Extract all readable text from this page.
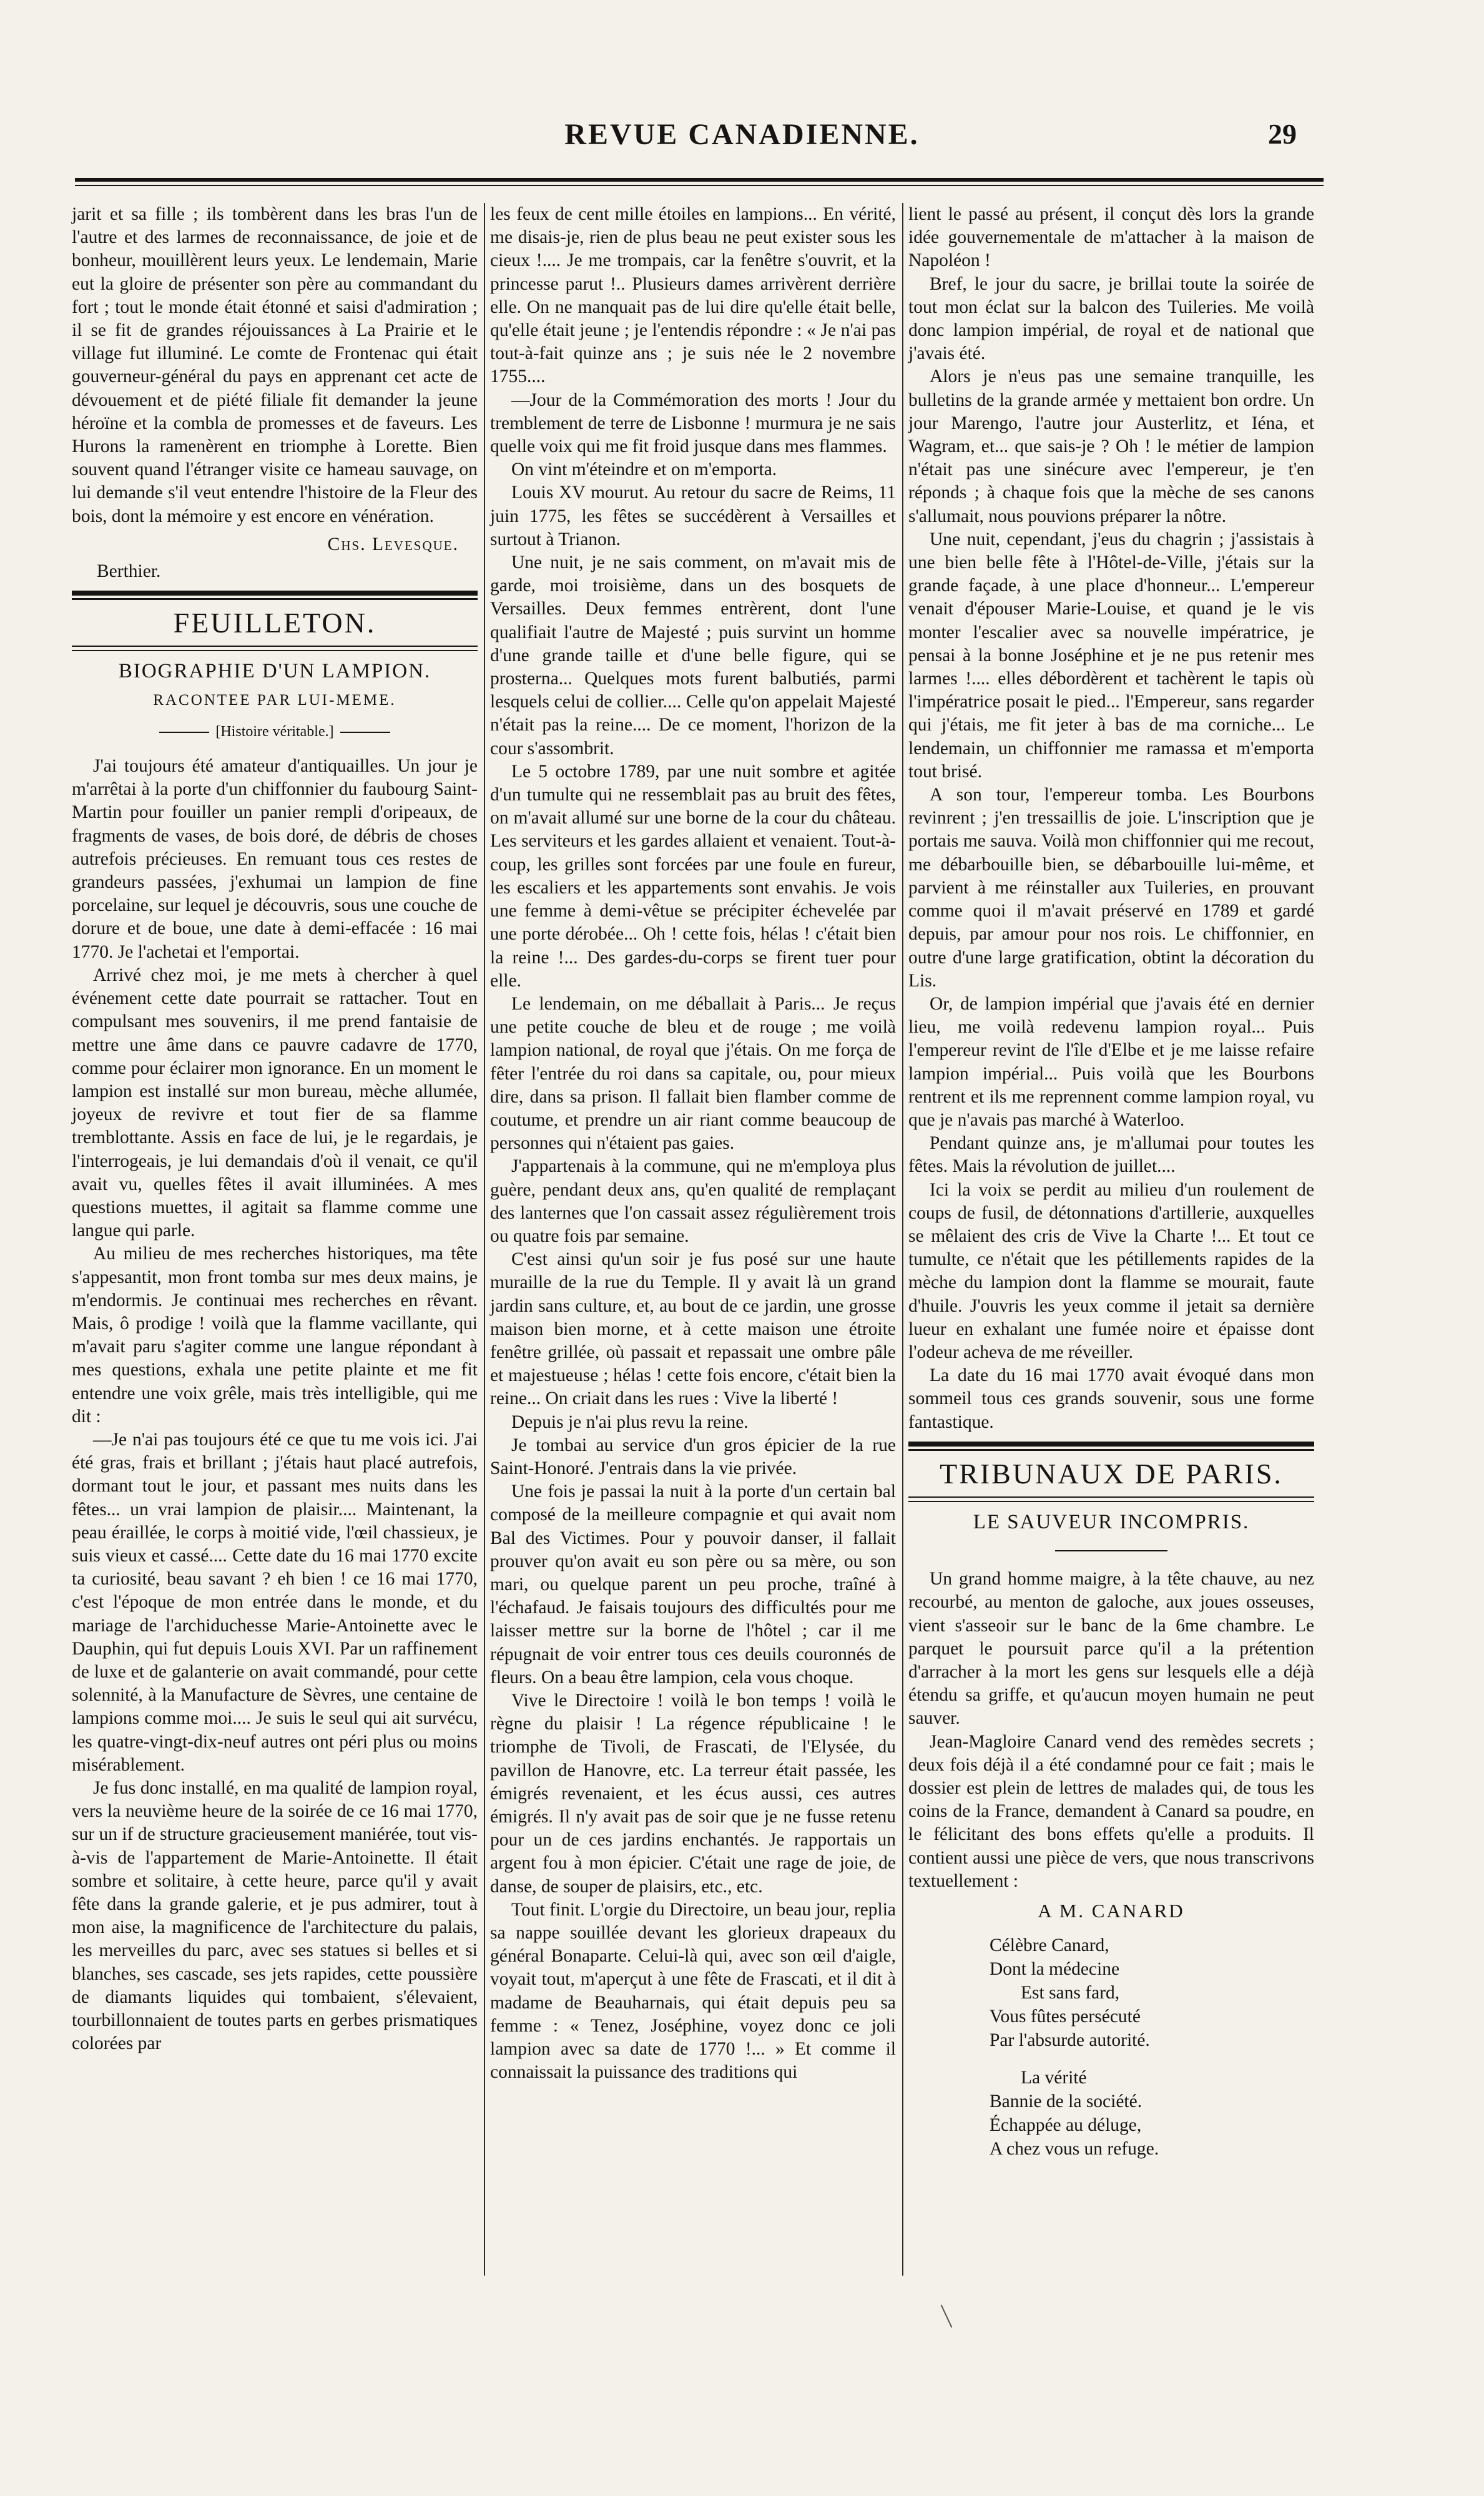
REVUE CANADIENNE.	29

jarit et sa fille ; ils tombèrent dans les bras l'un de l'autre et des larmes de reconnaissance, de joie et de bonheur, mouillèrent leurs yeux. Le lendemain, Marie eut la gloire de présenter son père au commandant du fort ; tout le monde était étonné et saisi d'admiration ; il se fit de grandes réjouissances à La Prairie et le village fut illuminé. Le comte de Frontenac qui était gouverneur-général du pays en apprenant cet acte de dévouement et de piété filiale fit demander la jeune héroïne et la combla de promesses et de faveurs. Les Hurons la ramenèrent en triomphe à Lorette. Bien souvent quand l'étranger visite ce hameau sauvage, on lui demande s'il veut entendre l'histoire de la Fleur des bois, dont la mémoire y est encore en vénération.

Chs. Levesque.
Berthier.
FEUILLETON.
BIOGRAPHIE D'UN LAMPION.
RACONTEE PAR LUI-MEME.
[Histoire véritable.]

J'ai toujours été amateur d'antiquailles. Un jour je m'arrêtai à la porte d'un chiffonnier du faubourg Saint-Martin pour fouiller un panier rempli d'oripeaux, de fragments de vases, de bois doré, de débris de choses autrefois précieuses. En remuant tous ces restes de grandeurs passées, j'exhumai un lampion de fine porcelaine, sur lequel je découvris, sous une couche de dorure et de boue, une date à demi-effacée : 16 mai 1770. Je l'achetai et l'emportai.

Arrivé chez moi, je me mets à chercher à quel événement cette date pourrait se rattacher. Tout en compulsant mes souvenirs, il me prend fantaisie de mettre une âme dans ce pauvre cadavre de 1770, comme pour éclairer mon ignorance. En un moment le lampion est installé sur mon bureau, mèche allumée, joyeux de revivre et tout fier de sa flamme tremblottante. Assis en face de lui, je le regardais, je l'interrogeais, je lui demandais d'où il venait, ce qu'il avait vu, quelles fêtes il avait illuminées. A mes questions muettes, il agitait sa flamme comme une langue qui parle.

Au milieu de mes recherches historiques, ma tête s'appesantit, mon front tomba sur mes deux mains, je m'endormis. Je continuai mes recherches en rêvant. Mais, ô prodige ! voilà que la flamme vacillante, qui m'avait paru s'agiter comme une langue répondant à mes questions, exhala une petite plainte et me fit entendre une voix grêle, mais très intelligible, qui me dit :

—Je n'ai pas toujours été ce que tu me vois ici. J'ai été gras, frais et brillant ; j'étais haut placé autrefois, dormant tout le jour, et passant mes nuits dans les fêtes... un vrai lampion de plaisir.... Maintenant, la peau éraillée, le corps à moitié vide, l'œil chassieux, je suis vieux et cassé.... Cette date du 16 mai 1770 excite ta curiosité, beau savant ? eh bien ! ce 16 mai 1770, c'est l'époque de mon entrée dans le monde, et du mariage de l'archiduchesse Marie-Antoinette avec le Dauphin, qui fut depuis Louis XVI. Par un raffinement de luxe et de galanterie on avait commandé, pour cette solennité, à la Manufacture de Sèvres, une centaine de lampions comme moi.... Je suis le seul qui ait survécu, les quatre-vingt-dix-neuf autres ont péri plus ou moins misérablement.

Je fus donc installé, en ma qualité de lampion royal, vers la neuvième heure de la soirée de ce 16 mai 1770, sur un if de structure gracieusement maniérée, tout vis-à-vis de l'appartement de Marie-Antoinette. Il était sombre et solitaire, à cette heure, parce qu'il y avait fête dans la grande galerie, et je pus admirer, tout à mon aise, la magnificence de l'architecture du palais, les merveilles du parc, avec ses statues si belles et si blanches, ses cascade, ses jets rapides, cette poussière de diamants liquides qui tombaient, s'élevaient, tourbillonnaient de toutes parts en gerbes prismatiques colorées par

les feux de cent mille étoiles en lampions... En vérité, me disais-je, rien de plus beau ne peut exister sous les cieux !.... Je me trompais, car la fenêtre s'ouvrit, et la princesse parut !.. Plusieurs dames arrivèrent derrière elle. On ne manquait pas de lui dire qu'elle était belle, qu'elle était jeune ; je l'entendis répondre : « Je n'ai pas tout-à-fait quinze ans ; je suis née le 2 novembre 1755....

—Jour de la Commémoration des morts ! Jour du tremblement de terre de Lisbonne ! murmura je ne sais quelle voix qui me fit froid jusque dans mes flammes.

On vint m'éteindre et on m'emporta.

Louis XV mourut. Au retour du sacre de Reims, 11 juin 1775, les fêtes se succédèrent à Versailles et surtout à Trianon.

Une nuit, je ne sais comment, on m'avait mis de garde, moi troisième, dans un des bosquets de Versailles. Deux femmes entrèrent, dont l'une qualifiait l'autre de Majesté ; puis survint un homme d'une grande taille et d'une belle figure, qui se prosterna... Quelques mots furent balbutiés, parmi lesquels celui de collier.... Celle qu'on appelait Majesté n'était pas la reine.... De ce moment, l'horizon de la cour s'assombrit.

Le 5 octobre 1789, par une nuit sombre et agitée d'un tumulte qui ne ressemblait pas au bruit des fêtes, on m'avait allumé sur une borne de la cour du château. Les serviteurs et les gardes allaient et venaient. Tout-à-coup, les grilles sont forcées par une foule en fureur, les escaliers et les appartements sont envahis. Je vois une femme à demi-vêtue se précipiter échevelée par une porte dérobée... Oh ! cette fois, hélas ! c'était bien la reine !... Des gardes-du-corps se firent tuer pour elle.

Le lendemain, on me déballait à Paris... Je reçus une petite couche de bleu et de rouge ; me voilà lampion national, de royal que j'étais. On me força de fêter l'entrée du roi dans sa capitale, ou, pour mieux dire, dans sa prison. Il fallait bien flamber comme de coutume, et prendre un air riant comme beaucoup de personnes qui n'étaient pas gaies.

J'appartenais à la commune, qui ne m'employa plus guère, pendant deux ans, qu'en qualité de remplaçant des lanternes que l'on cassait assez régulièrement trois ou quatre fois par semaine.

C'est ainsi qu'un soir je fus posé sur une haute muraille de la rue du Temple. Il y avait là un grand jardin sans culture, et, au bout de ce jardin, une grosse maison bien morne, et à cette maison une étroite fenêtre grillée, où passait et repassait une ombre pâle et majestueuse ; hélas ! cette fois encore, c'était bien la reine... On criait dans les rues : Vive la liberté !

Depuis je n'ai plus revu la reine.

Je tombai au service d'un gros épicier de la rue Saint-Honoré. J'entrais dans la vie privée.

Une fois je passai la nuit à la porte d'un certain bal composé de la meilleure compagnie et qui avait nom Bal des Victimes. Pour y pouvoir danser, il fallait prouver qu'on avait eu son père ou sa mère, ou son mari, ou quelque parent un peu proche, traîné à l'échafaud. Je faisais toujours des difficultés pour me laisser mettre sur la borne de l'hôtel ; car il me répugnait de voir entrer tous ces deuils couronnés de fleurs. On a beau être lampion, cela vous choque.

Vive le Directoire ! voilà le bon temps ! voilà le règne du plaisir ! La régence républicaine ! le triomphe de Tivoli, de Frascati, de l'Elysée, du pavillon de Hanovre, etc. La terreur était passée, les émigrés revenaient, et les écus aussi, ces autres émigrés. Il n'y avait pas de soir que je ne fusse retenu pour un de ces jardins enchantés. Je rapportais un argent fou à mon épicier. C'était une rage de joie, de danse, de souper de plaisirs, etc., etc.

Tout finit. L'orgie du Directoire, un beau jour, replia sa nappe souillée devant les glorieux drapeaux du général Bonaparte. Celui-là qui, avec son œil d'aigle, voyait tout, m'aperçut à une fête de Frascati, et il dit à madame de Beauharnais, qui était depuis peu sa femme : « Tenez, Joséphine, voyez donc ce joli lampion avec sa date de 1770 !... » Et comme il connaissait la puissance des traditions qui

lient le passé au présent, il conçut dès lors la grande idée gouvernementale de m'attacher à la maison de Napoléon !

Bref, le jour du sacre, je brillai toute la soirée de tout mon éclat sur la balcon des Tuileries. Me voilà donc lampion impérial, de royal et de national que j'avais été.

Alors je n'eus pas une semaine tranquille, les bulletins de la grande armée y mettaient bon ordre. Un jour Marengo, l'autre jour Austerlitz, et Iéna, et Wagram, et... que sais-je ? Oh ! le métier de lampion n'était pas une sinécure avec l'empereur, je t'en réponds ; à chaque fois que la mèche de ses canons s'allumait, nous pouvions préparer la nôtre.

Une nuit, cependant, j'eus du chagrin ; j'assistais à une bien belle fête à l'Hôtel-de-Ville, j'étais sur la grande façade, à une place d'honneur... L'empereur venait d'épouser Marie-Louise, et quand je le vis monter l'escalier avec sa nouvelle impératrice, je pensai à la bonne Joséphine et je ne pus retenir mes larmes !.... elles débordèrent et tachèrent le tapis où l'impératrice posait le pied... l'Empereur, sans regarder qui j'étais, me fit jeter à bas de ma corniche... Le lendemain, un chiffonnier me ramassa et m'emporta tout brisé.

A son tour, l'empereur tomba. Les Bourbons revinrent ; j'en tressaillis de joie. L'inscription que je portais me sauva. Voilà mon chiffonnier qui me recout, me débarbouille bien, se débarbouille lui-même, et parvient à me réinstaller aux Tuileries, en prouvant comme quoi il m'avait préservé en 1789 et gardé depuis, par amour pour nos rois. Le chiffonnier, en outre d'une large gratification, obtint la décoration du Lis.

Or, de lampion impérial que j'avais été en dernier lieu, me voilà redevenu lampion royal... Puis l'empereur revint de l'île d'Elbe et je me laisse refaire lampion impérial... Puis voilà que les Bourbons rentrent et ils me reprennent comme lampion royal, vu que je n'avais pas marché à Waterloo.

Pendant quinze ans, je m'allumai pour toutes les fêtes. Mais la révolution de juillet....

Ici la voix se perdit au milieu d'un roulement de coups de fusil, de détonnations d'artillerie, auxquelles se mêlaient des cris de Vive la Charte !... Et tout ce tumulte, ce n'était que les pétillements rapides de la mèche du lampion dont la flamme se mourait, faute d'huile. J'ouvris les yeux comme il jetait sa dernière lueur en exhalant une fumée noire et épaisse dont l'odeur acheva de me réveiller.

La date du 16 mai 1770 avait évoqué dans mon sommeil tous ces grands souvenir, sous une forme fantastique.

TRIBUNAUX DE PARIS.
LE SAUVEUR INCOMPRIS.

Un grand homme maigre, à la tête chauve, au nez recourbé, au menton de galoche, aux joues osseuses, vient s'asseoir sur le banc de la 6me chambre. Le parquet le poursuit parce qu'il a la prétention d'arracher à la mort les gens sur lesquels elle a déjà étendu sa griffe, et qu'aucun moyen humain ne peut sauver.

Jean-Magloire Canard vend des remèdes secrets ; deux fois déjà il a été condamné pour ce fait ; mais le dossier est plein de lettres de malades qui, de tous les coins de la France, demandent à Canard sa poudre, en le félicitant des bons effets qu'elle a produits. Il contient aussi une pièce de vers, que nous transcrivons textuellement :

A M. CANARD
Célèbre Canard,
Dont la médecine
Est sans fard,
Vous fûtes persécuté
Par l'absurde autorité.
La vérité
Bannie de la société.
Échappée au déluge,
A chez vous un refuge.
